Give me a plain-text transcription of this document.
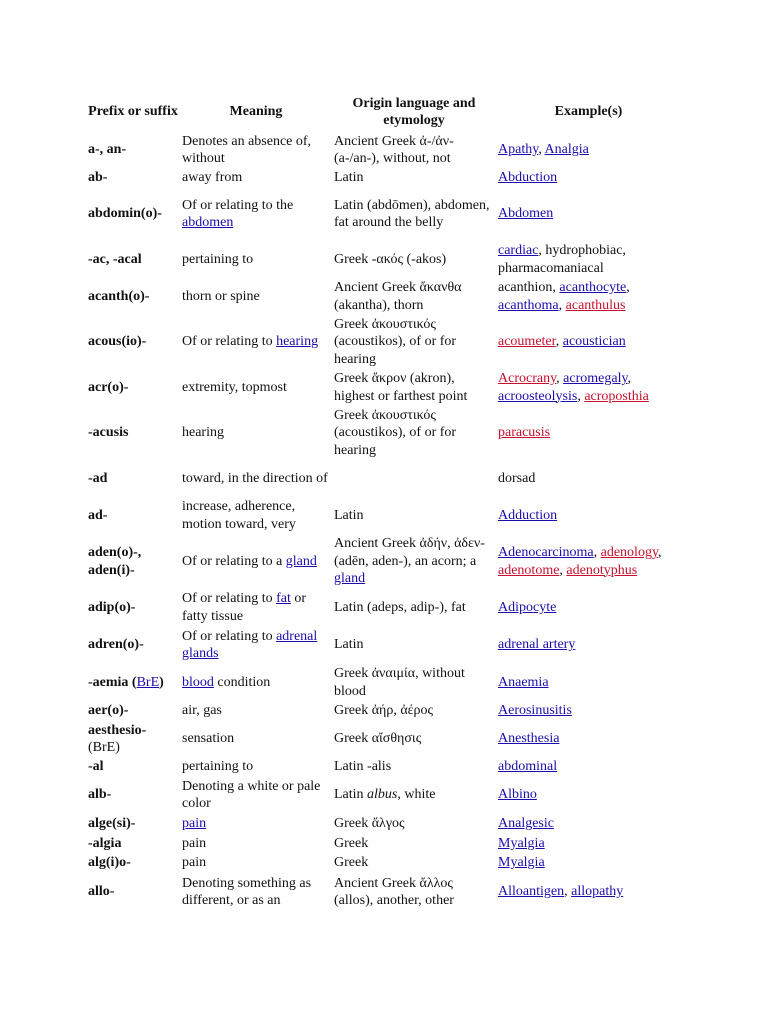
Prefix or suffix	Meaning	Origin language and etymology	Example(s)
a-, an-	Denotes an absence of, without	Ancient Greek ἀ-/ἀν- (a-/an-), without, not	Apathy, Analgia
ab-	away from	Latin	Abduction
abdomin(o)-	Of or relating to the abdomen	Latin (abdōmen), abdomen, fat around the belly	Abdomen
-ac, -acal	pertaining to	Greek -ακός (-akos)	cardiac, hydrophobiac, pharmacomaniacal
acanth(o)-	thorn or spine	Ancient Greek ἄκανθα (akantha), thorn	acanthion, acanthocyte, acanthoma, acanthulus
acous(io)-	Of or relating to hearing	Greek ἀκουστικός (acoustikos), of or for hearing	acoumeter, acoustician
acr(o)-	extremity, topmost	Greek ἄκρον (akron), highest or farthest point	Acrocrany, acromegaly, acroosteolysis, acroposthia
-acusis	hearing	Greek ἀκουστικός (acoustikos), of or for hearing	paracusis
-ad	toward, in the direction of		dorsad
ad-	increase, adherence, motion toward, very	Latin	Adduction
aden(o)-, aden(i)-	Of or relating to a gland	Ancient Greek ἀδήν, ἀδεν- (adēn, aden-), an acorn; a gland	Adenocarcinoma, adenology, adenotome, adenotyphus
adip(o)-	Of or relating to fat or fatty tissue	Latin (adeps, adip-), fat	Adipocyte
adren(o)-	Of or relating to adrenal glands	Latin	adrenal artery
-aemia (BrE)	blood condition	Greek ἀναιμία, without blood	Anaemia
aer(o)-	air, gas	Greek ἀήρ, ἀέρος	Aerosinusitis
aesthesio- (BrE)	sensation	Greek αἴσθησις	Anesthesia
-al	pertaining to	Latin -alis	abdominal
alb-	Denoting a white or pale color	Latin albus, white	Albino
alge(si)-	pain	Greek ἄλγος	Analgesic
-algia	pain	Greek	Myalgia
alg(i)o-	pain	Greek	Myalgia
allo-	Denoting something as different, or as an	Ancient Greek ἄλλος (allos), another, other	Alloantigen, allopathy
